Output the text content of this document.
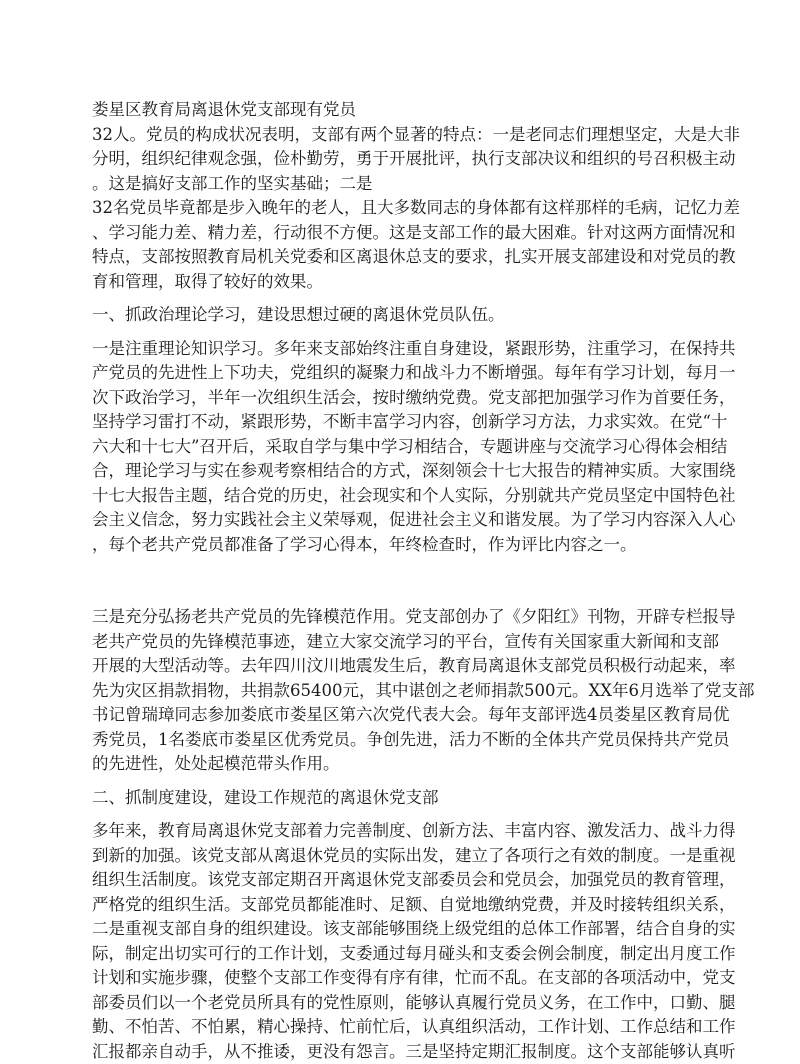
娄星区教育局离退休党支部现有党员

32人。党员的构成状况表明，支部有两个显著的特点：一是老同志们理想坚定，大是大非

分明，组织纪律观念强，俭朴勤劳，勇于开展批评，执行支部决议和组织的号召积极主动

。这是搞好支部工作的坚实基础；二是

32名党员毕竟都是步入晚年的老人，且大多数同志的身体都有这样那样的毛病，记忆力差

、学习能力差、精力差，行动很不方便。这是支部工作的最大困难。针对这两方面情况和

特点，支部按照教育局机关党委和区离退休总支的要求，扎实开展支部建设和对党员的教

育和管理，取得了较好的效果。

一、抓政治理论学习，建设思想过硬的离退休党员队伍。

一是注重理论知识学习。多年来支部始终注重自身建设，紧跟形势，注重学习，在保持共

产党员的先进性上下功夫，党组织的凝聚力和战斗力不断增强。每年有学习计划，每月一

次下政治学习，半年一次组织生活会，按时缴纳党费。党支部把加强学习作为首要任务，

坚持学习雷打不动，紧跟形势，不断丰富学习内容，创新学习方法，力求实效。在党“十

六大和十七大”召开后，采取自学与集中学习相结合，专题讲座与交流学习心得体会相结

合，理论学习与实在参观考察相结合的方式，深刻领会十七大报告的精神实质。大家围绕

十七大报告主题，结合党的历史，社会现实和个人实际，分别就共产党员坚定中国特色社

会主义信念，努力实践社会主义荣辱观，促进社会主义和谐发展。为了学习内容深入人心

，每个老共产党员都准备了学习心得本，年终检查时，作为评比内容之一。

三是充分弘扬老共产党员的先锋模范作用。党支部创办了《夕阳红》刊物，开辟专栏报导

老共产党员的先锋模范事迹，建立大家交流学习的平台，宣传有关国家重大新闻和支部

开展的大型活动等。去年四川汶川地震发生后，教育局离退休支部党员积极行动起来，率

先为灾区捐款捐物，共捐款65400元，其中谌创之老师捐款500元。XX年6月选举了党支部

书记曾瑞璋同志参加娄底市娄星区第六次党代表大会。每年支部评选4员娄星区教育局优

秀党员，1名娄底市娄星区优秀党员。争创先进，活力不断的全体共产党员保持共产党员

的先进性，处处起模范带头作用。

二、抓制度建设，建设工作规范的离退休党支部

多年来，教育局离退休党支部着力完善制度、创新方法、丰富内容、激发活力、战斗力得

到新的加强。该党支部从离退休党员的实际出发，建立了各项行之有效的制度。一是重视

组织生活制度。该党支部定期召开离退休党支部委员会和党员会，加强党员的教育管理，

严格党的组织生活。支部党员都能准时、足额、自觉地缴纳党费，并及时接转组织关系，

二是重视支部自身的组织建设。该支部能够围绕上级党组的总体工作部署，结合自身的实

际，制定出切实可行的工作计划，支委通过每月碰头和支委会例会制度，制定出月度工作

计划和实施步骤，使整个支部工作变得有序有律，忙而不乱。在支部的各项活动中，党支

部委员们以一个老党员所具有的党性原则，能够认真履行党员义务，在工作中，口勤、腿

勤、不怕苦、不怕累，精心操持、忙前忙后，认真组织活动，工作计划、工作总结和工作

汇报都亲自动手，从不推诿，更没有怨言。三是坚持定期汇报制度。这个支部能够认真听
